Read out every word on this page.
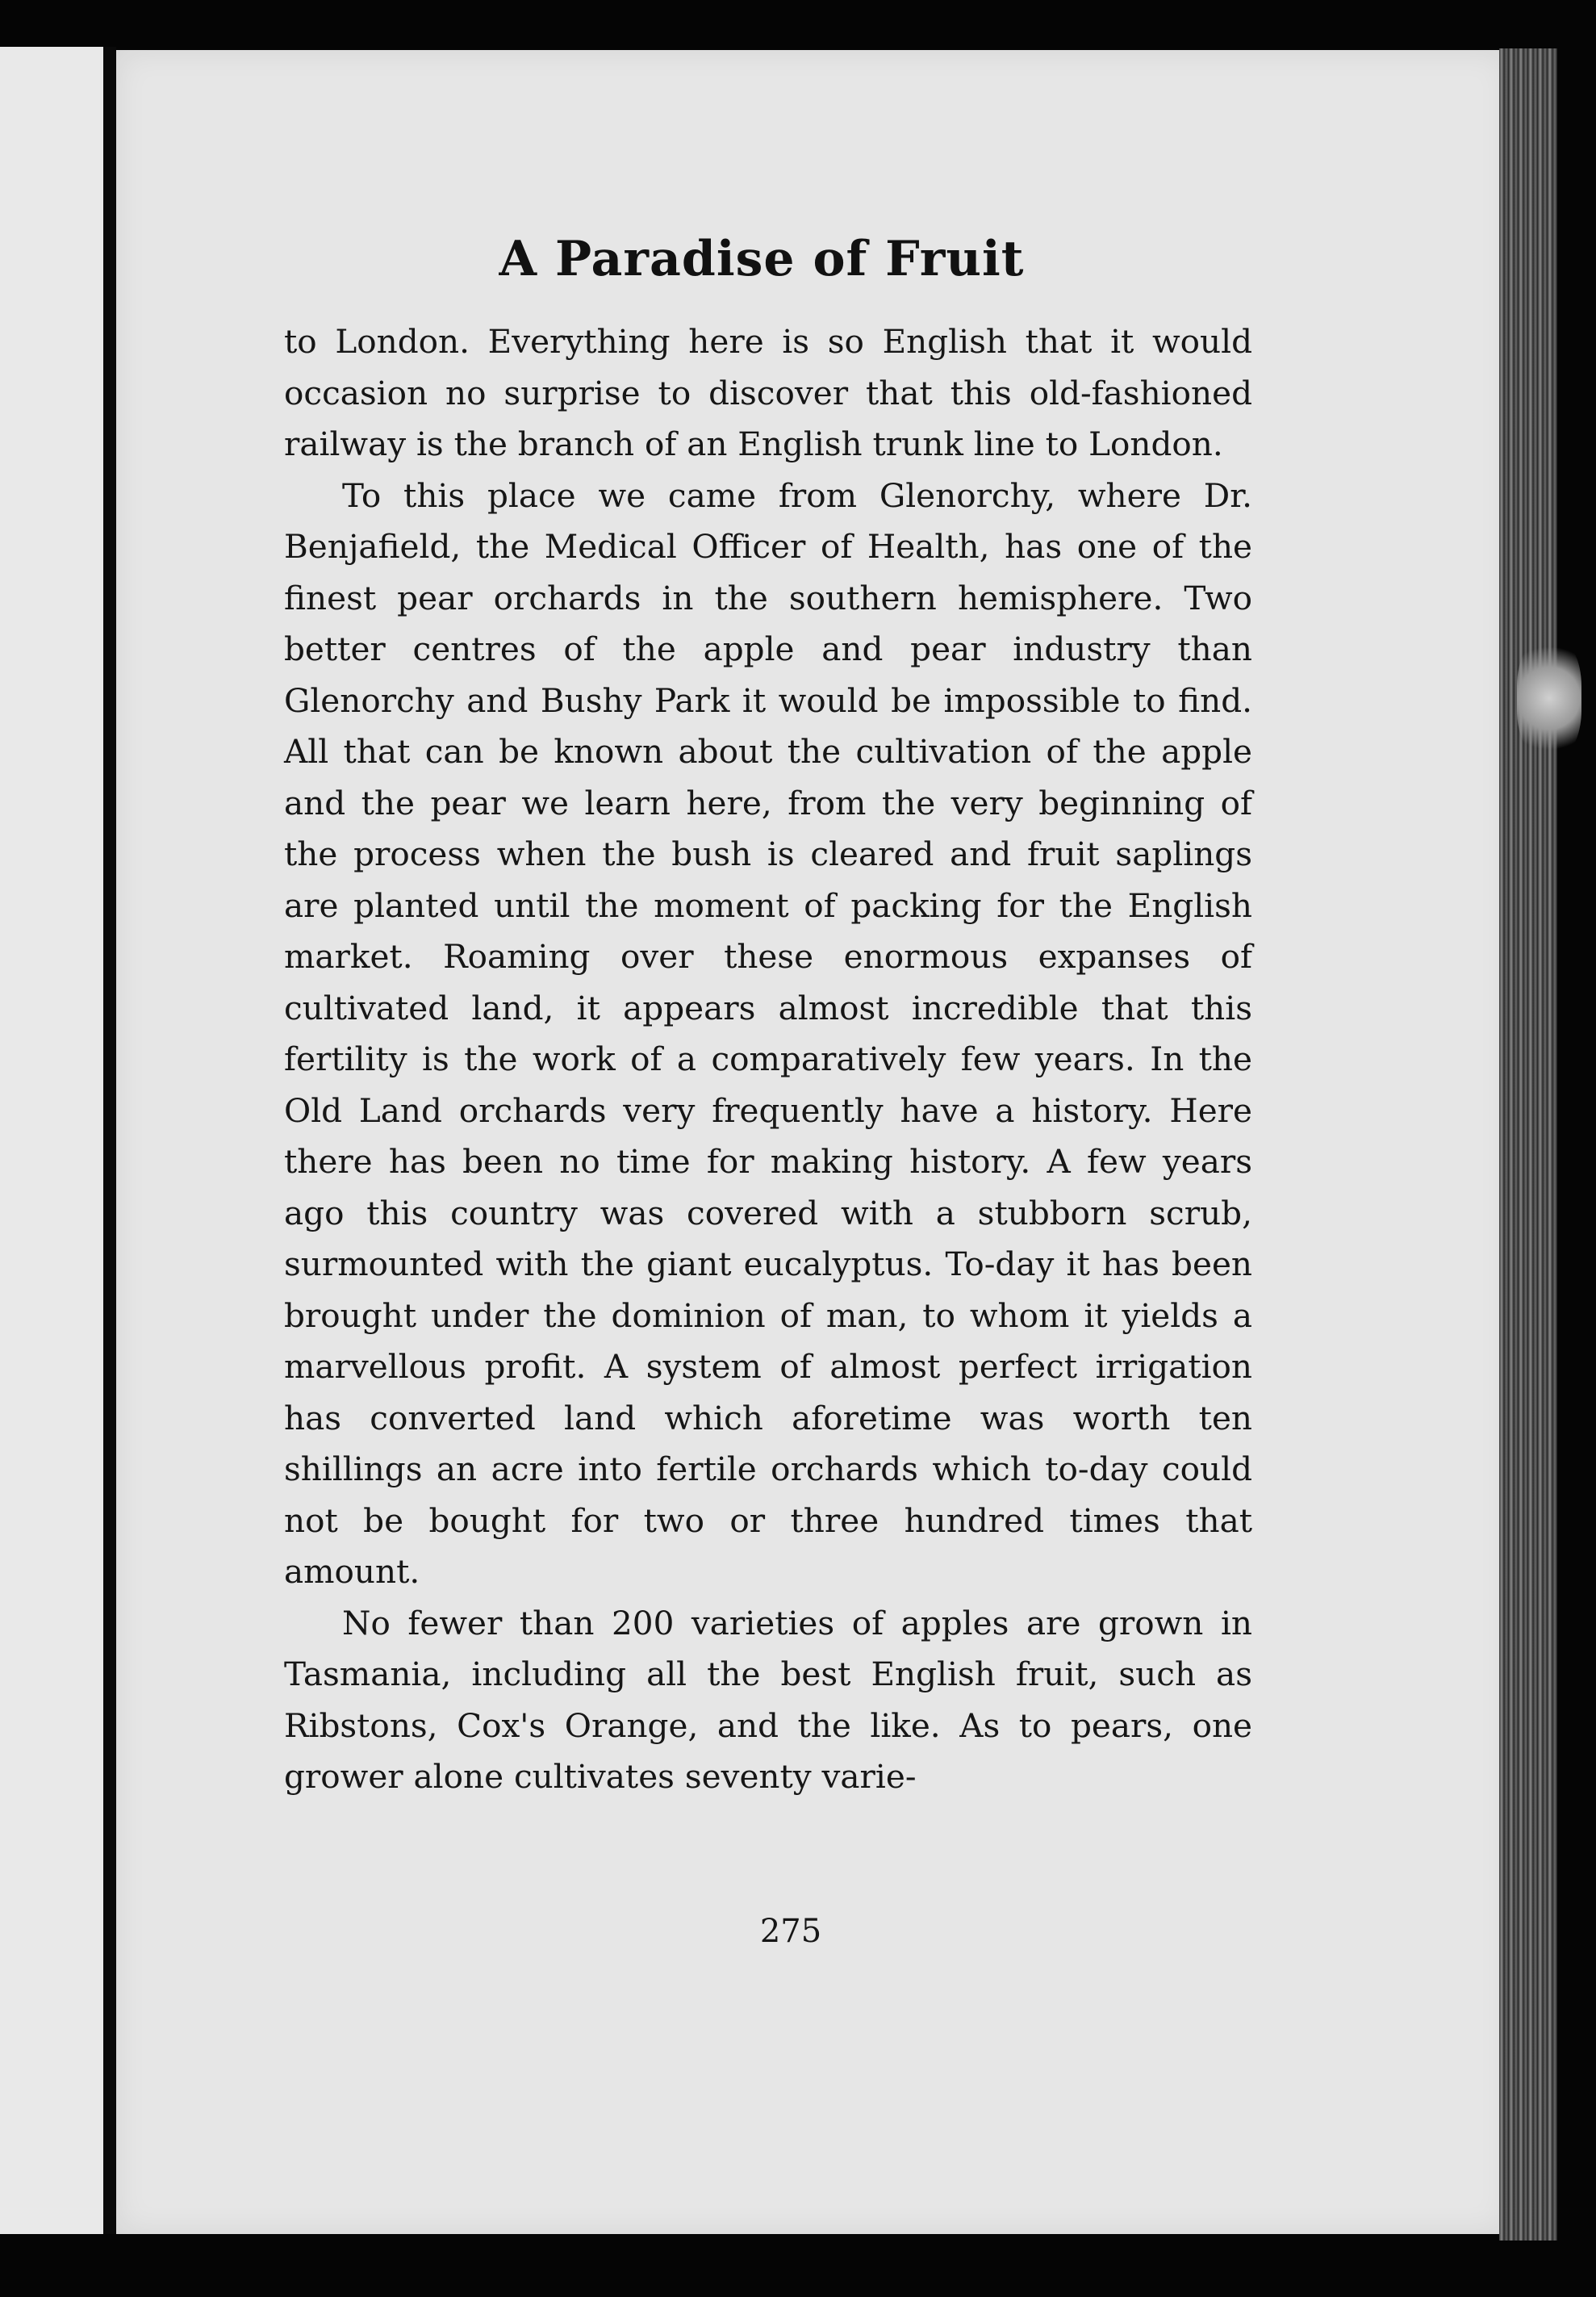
A Paradise of Fruit

to London. Everything here is so English that it would occasion no surprise to discover that this old-fashioned railway is the branch of an English trunk line to London.

To this place we came from Glenorchy, where Dr. Benjafield, the Medical Officer of Health, has one of the finest pear orchards in the southern hemisphere. Two better centres of the apple and pear industry than Glenorchy and Bushy Park it would be impossible to find. All that can be known about the cultivation of the apple and the pear we learn here, from the very beginning of the process when the bush is cleared and fruit saplings are planted until the moment of packing for the English market. Roaming over these enormous expanses of cultivated land, it appears almost incredible that this fertility is the work of a comparatively few years. In the Old Land orchards very frequently have a history. Here there has been no time for making history. A few years ago this country was covered with a stubborn scrub, surmounted with the giant eucalyptus. To-day it has been brought under the dominion of man, to whom it yields a marvellous profit. A system of almost perfect irrigation has converted land which aforetime was worth ten shillings an acre into fertile orchards which to-day could not be bought for two or three hundred times that amount.

No fewer than 200 varieties of apples are grown in Tasmania, including all the best English fruit, such as Ribstons, Cox's Orange, and the like. As to pears, one grower alone cultivates seventy varie-

275
